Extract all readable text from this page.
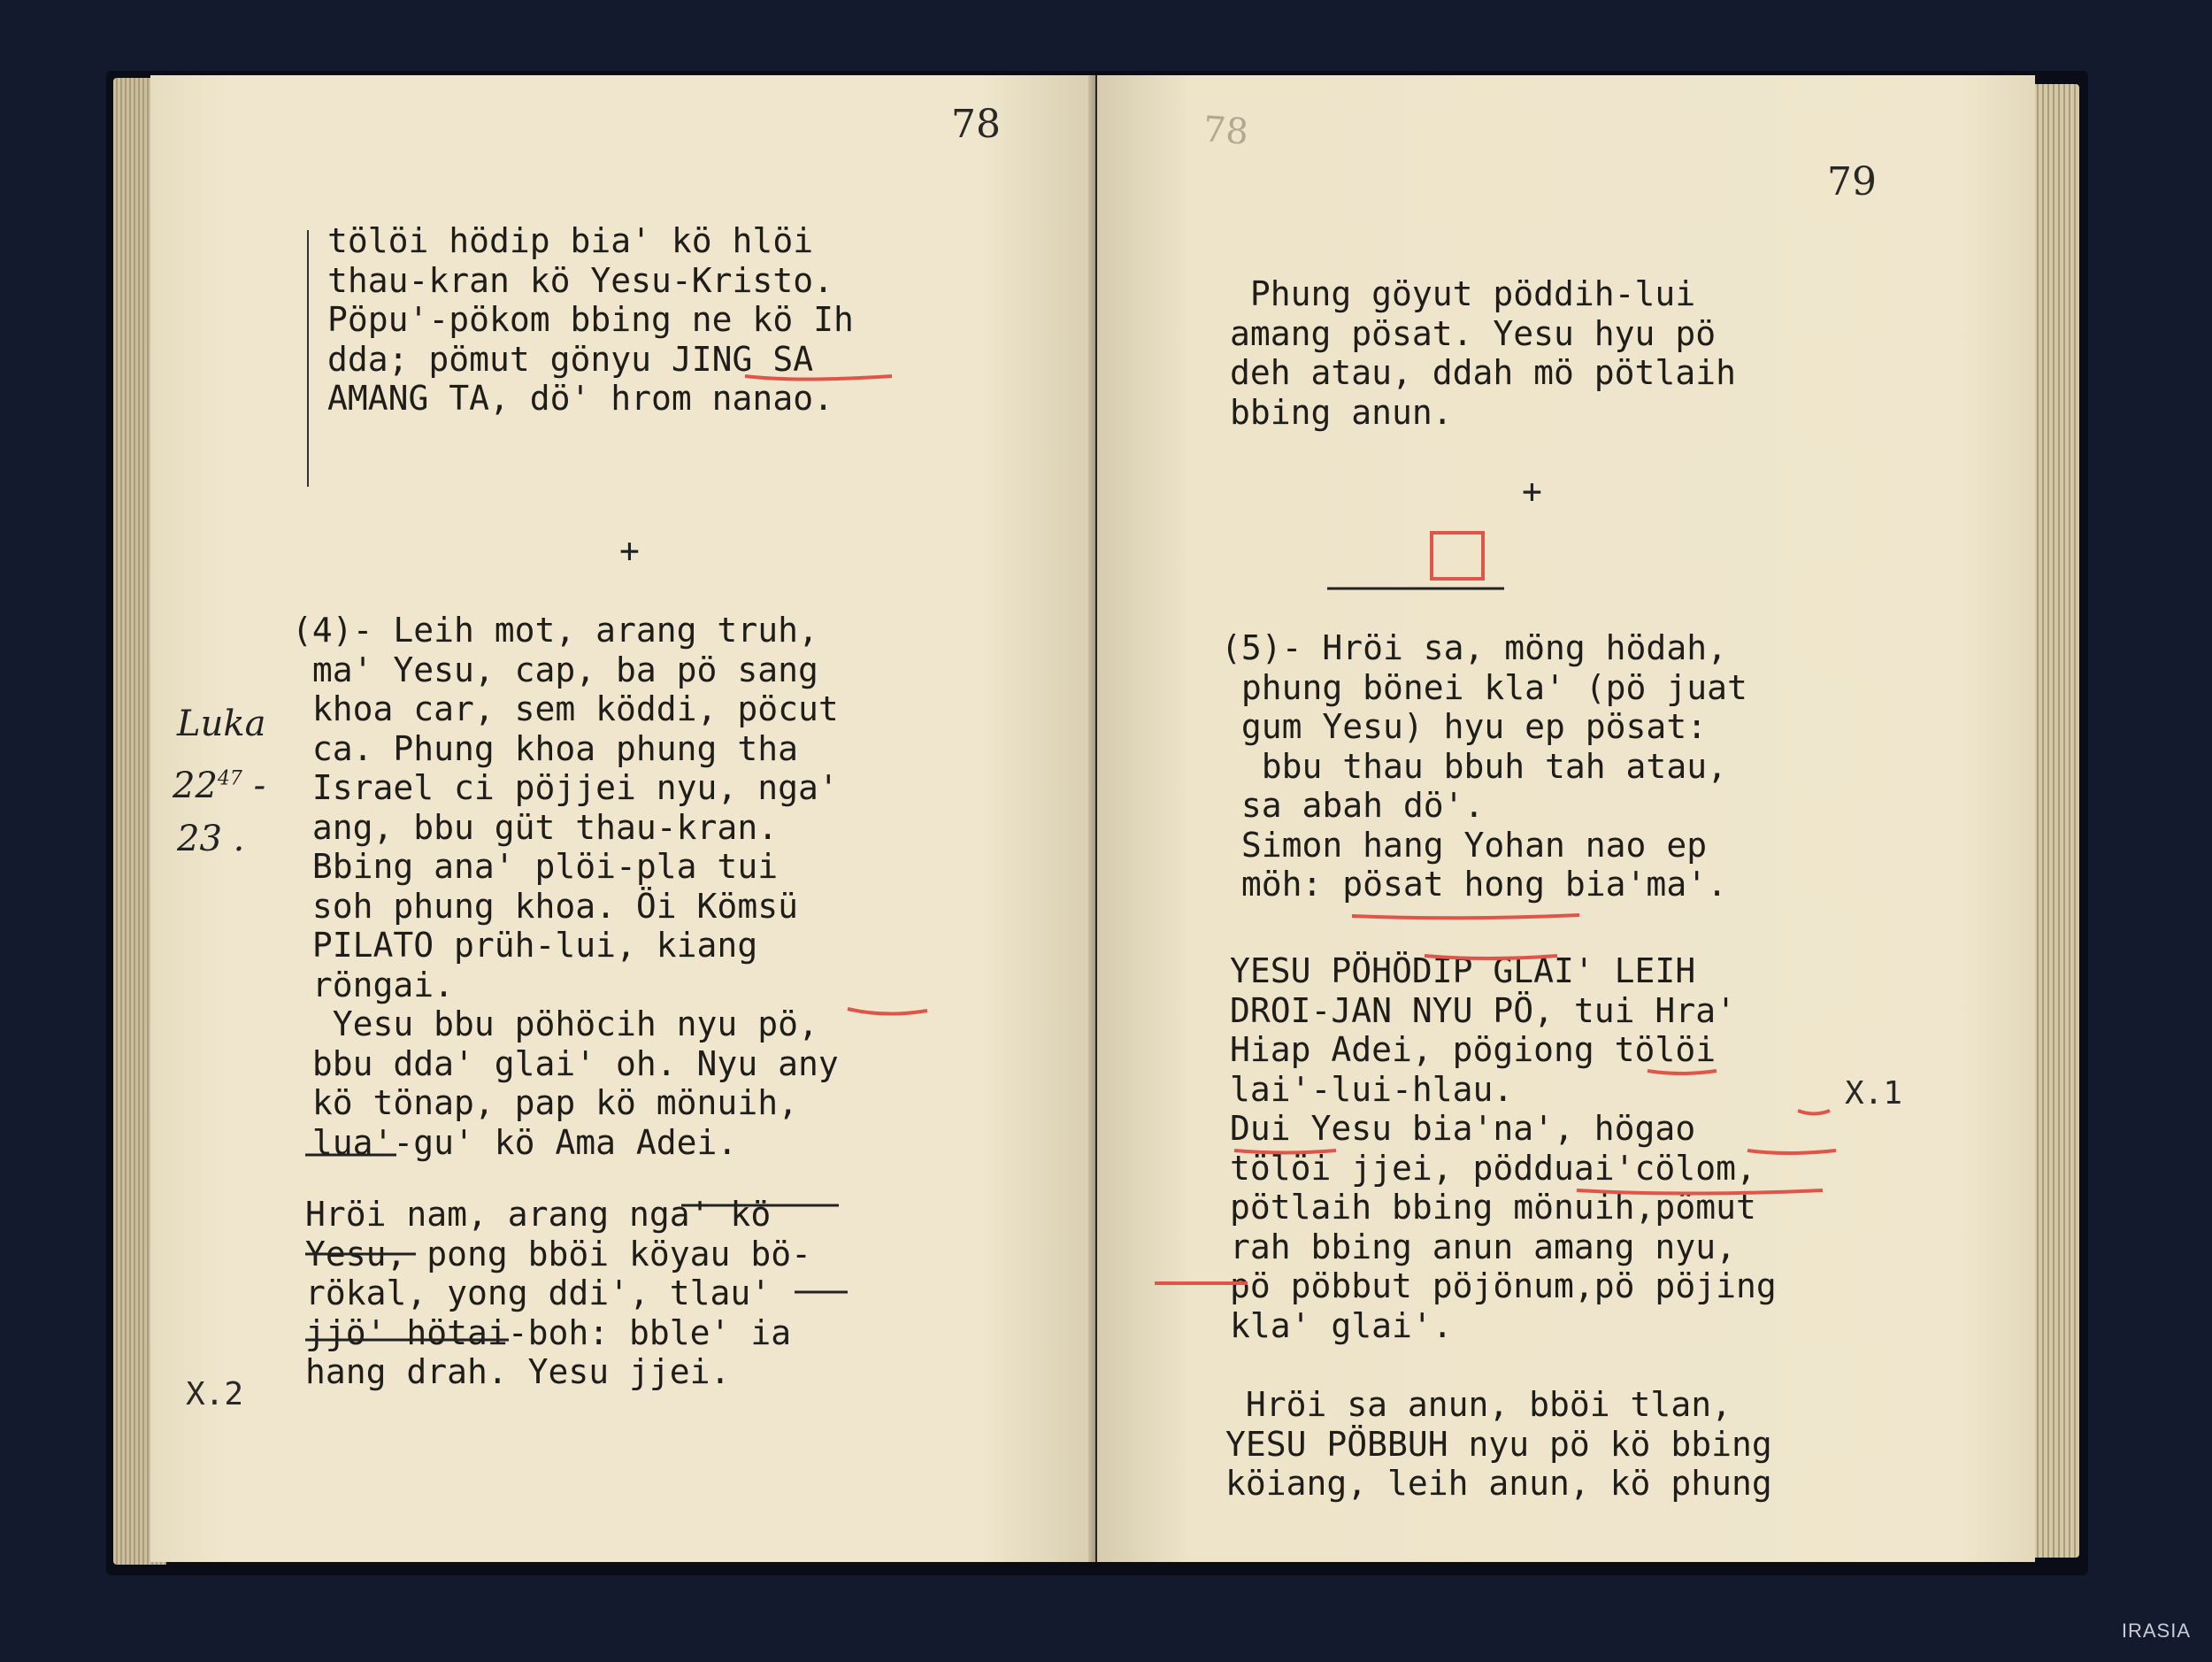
78
tölöi hödip bia' kö hlöi
thau-kran kö Yesu-Kristo.
Pöpu'-pökom bbing ne kö Ih
dda; pömut gönyu JING SA
AMANG TA, dö' hrom nanao.
+
(4)- Leih mot, arang truh,
ma' Yesu, cap, ba pö sang
khoa car, sem köddi, pöcut
ca. Phung khoa phung tha
Israel ci pöjjei nyu, nga'
ang, bbu güt thau-kran.
Bbing ana' plöi-pla tui
soh phung khoa. Öi Kömsü
PILATO prüh-lui, kiang
röngai.
Yesu bbu pöhöcih nyu pö,
bbu dda' glai' oh. Nyu any
kö tönap, pap kö mönuih,
lua'-gu' kö Ama Adei.
Hröi nam, arang nga' kö
Yesu, pong bböi köyau bö-
rökal, yong ddi', tlau'
jjö' hötai-boh: bble' ia
hang drah. Yesu jjei.
X.2
Luka
$22^{47}$ -
23 .
78
79
Phung göyut pöddih-lui
amang pösat. Yesu hyu pö
deh atau, ddah mö pötlaih
bbing anun.
+
(5)- Hröi sa, möng hödah,
phung bönei kla' (pö juat
gum Yesu) hyu ep pösat:
bbu thau bbuh tah atau,
sa abah dö'.
Simon hang Yohan nao ep
möh: pösat hong bia'ma'.
YESU PÖHÖDIP GLAI' LEIH
DROI-JAN NYU PÖ, tui Hra'
Hiap Adei, pögiong tölöi
lai'-lui-hlau.
Dui Yesu bia'na', högao
tölöi jjei, pödduai'cölom,
pötlaih bbing mönuih,pömut
rah bbing anun amang nyu,
pö pöbbut pöjönum,pö pöjing
kla' glai'.
X.1
Hröi sa anun, bböi tlan,
YESU PÖBBUH nyu pö kö bbing
köiang, leih anun, kö phung
IRASIA
